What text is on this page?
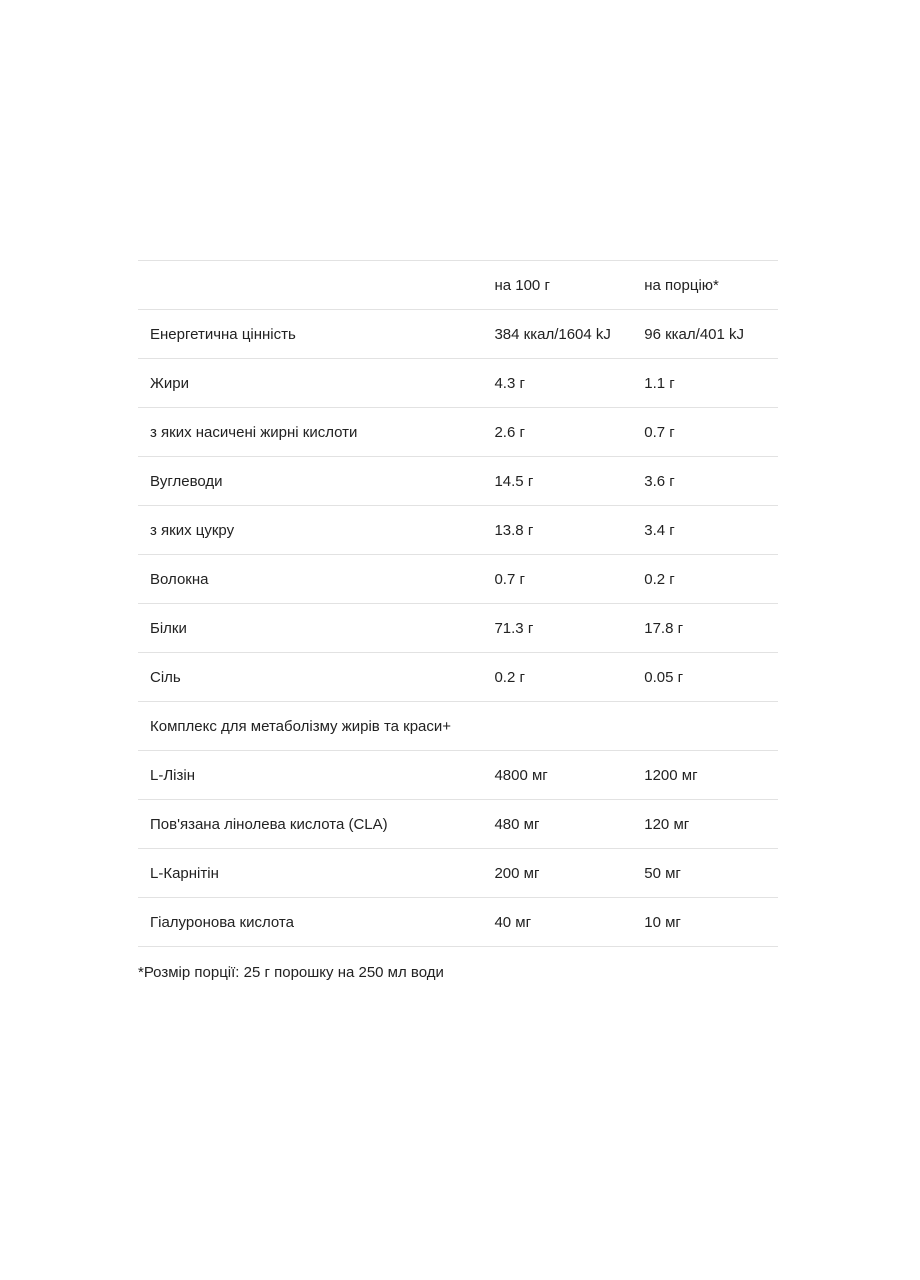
	на 100 г	на порцію*
Енергетична цінність	384 ккал/1604 kJ	96 ккал/401 kJ
Жири	4.3 г	1.1 г
з яких насичені жирні кислоти	2.6 г	0.7 г
Вуглеводи	14.5 г	3.6 г
з яких цукру	13.8 г	3.4 г
Волокна	0.7 г	0.2 г
Білки	71.3 г	17.8 г
Сіль	0.2 г	0.05 г
Комплекс для метаболізму жирів та краси+		
L-Лізін	4800 мг	1200 мг
Пов'язана лінолева кислота (CLA)	480 мг	120 мг
L-Карнітін	200 мг	50 мг
Гіалуронова кислота	40 мг	10 мг

*Розмір порції: 25 г порошку на 250 мл води
